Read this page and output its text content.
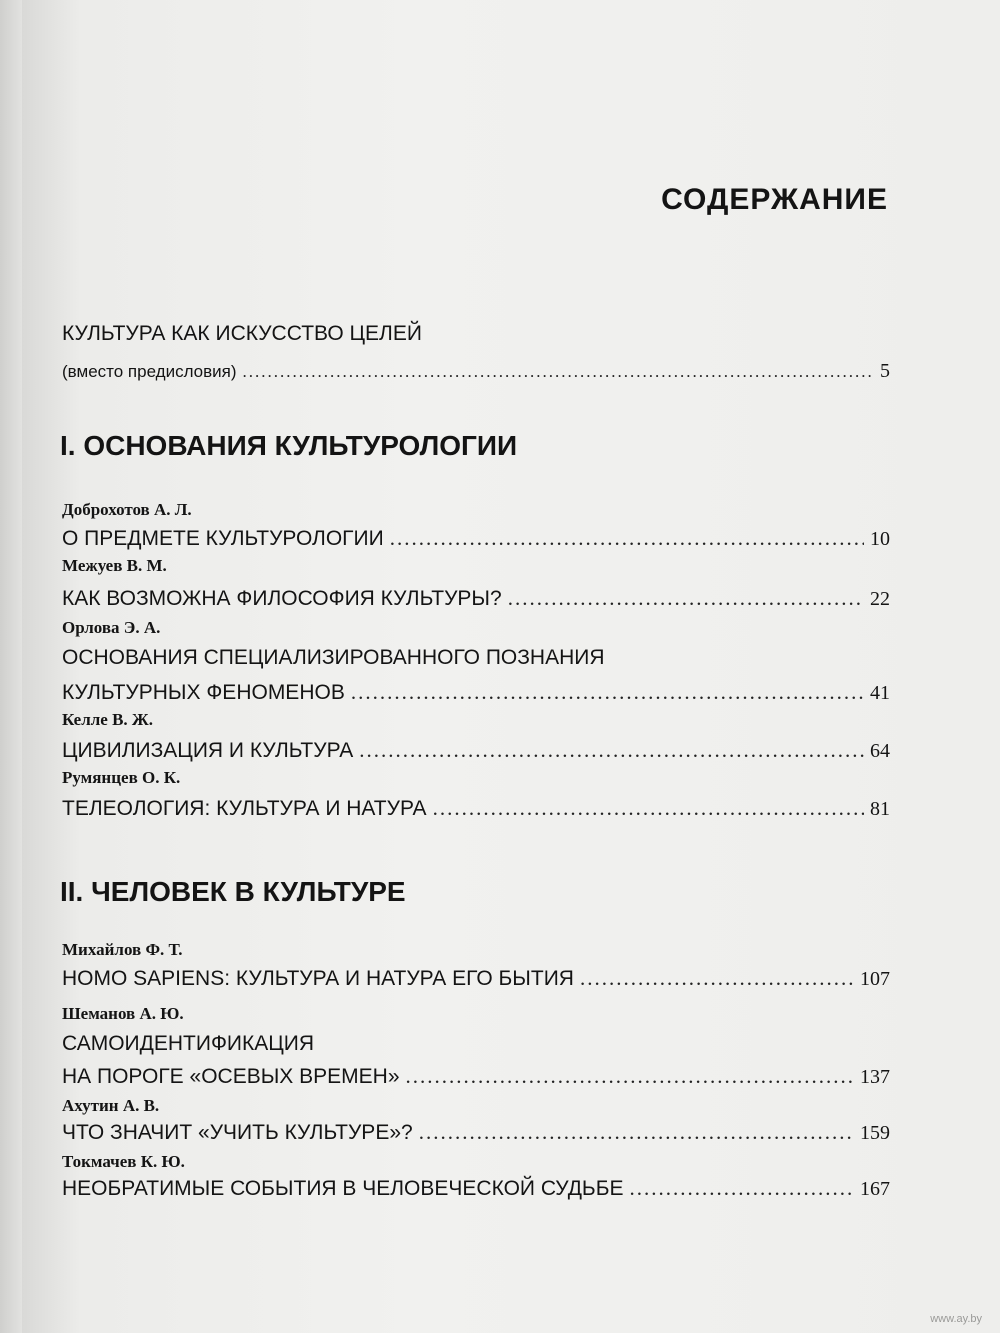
СОДЕРЖАНИЕ
КУЛЬТУРА КАК ИСКУССТВО ЦЕЛЕЙ
(вместо предисловия) .....	5
I. ОСНОВАНИЯ КУЛЬТУРОЛОГИИ
Доброхотов А. Л.
О ПРЕДМЕТЕ КУЛЬТУРОЛОГИИ .....	10
Межуев В. М.
КАК ВОЗМОЖНА ФИЛОСОФИЯ КУЛЬТУРЫ? .....	22
Орлова Э. А.
ОСНОВАНИЯ СПЕЦИАЛИЗИРОВАННОГО ПОЗНАНИЯ
КУЛЬТУРНЫХ ФЕНОМЕНОВ .....	41
Келле В. Ж.
ЦИВИЛИЗАЦИЯ И КУЛЬТУРА .....	64
Румянцев О. К.
ТЕЛЕОЛОГИЯ: КУЛЬТУРА И НАТУРА .....	81
II. ЧЕЛОВЕК В КУЛЬТУРЕ
Михайлов Ф. Т.
HOMO SAPIENS: КУЛЬТУРА И НАТУРА ЕГО БЫТИЯ .....	107
Шеманов А. Ю.
САМОИДЕНТИФИКАЦИЯ
НА ПОРОГЕ «ОСЕВЫХ ВРЕМЕН» .....	137
Ахутин А. В.
ЧТО ЗНАЧИТ «УЧИТЬ КУЛЬТУРЕ»? .....	159
Токмачев К. Ю.
НЕОБРАТИМЫЕ СОБЫТИЯ В ЧЕЛОВЕЧЕСКОЙ СУДЬБЕ .....	167
www.ay.by
